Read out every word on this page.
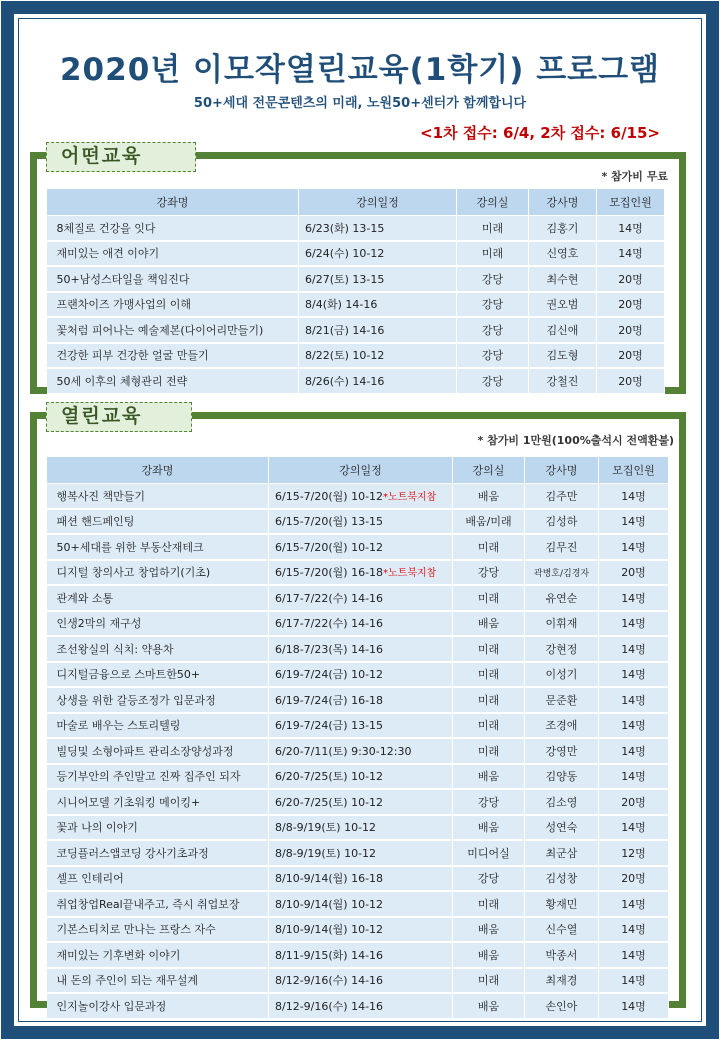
2020년 이모작열린교육(1학기) 프로그램
50+세대 전문콘텐츠의 미래, 노원50+센터가 함께합니다
<1차 접수: 6/4, 2차 접수: 6/15>
어떤교육
* 참가비 무료
강좌명	강의일정	강의실	강사명	모집인원
8체질로 건강을 잇다	6/23(화) 13-15	미래	김홍기	14명
재미있는 애견 이야기	6/24(수) 10-12	미래	신영호	14명
50+남성스타일을 책임진다	6/27(토) 13-15	강당	최수현	20명
프랜차이즈 가맹사업의 이해	8/4(화) 14-16	강당	권오범	20명
꽃처럼 피어나는 예술제본(다이어리만들기)	8/21(금) 14-16	강당	김신애	20명
건강한 피부 건강한 얼굴 만들기	8/22(토) 10-12	강당	김도형	20명
50세 이후의 체형관리 전략	8/26(수) 14-16	강당	강철진	20명
열린교육
* 참가비 1만원(100%출석시 전액환불)
강좌명	강의일정	강의실	강사명	모집인원
행복사진 책만들기	6/15-7/20(월) 10-12*노트북지참	배움	김주만	14명
패션 핸드페인팅	6/15-7/20(월) 13-15	배움/미래	김성하	14명
50+세대를 위한 부동산재테크	6/15-7/20(월) 10-12	미래	김무진	14명
디지털 창의사고 창업하기(기초)	6/15-7/20(월) 16-18*노트북지참	강당	곽병호/김경자	20명
관계와 소통	6/17-7/22(수) 14-16	미래	유연순	14명
인생2막의 재구성	6/17-7/22(수) 14-16	배움	이휘재	14명
조선왕실의 식치: 약용차	6/18-7/23(목) 14-16	미래	강현정	14명
디지털금융으로 스마트한50+	6/19-7/24(금) 10-12	미래	이성기	14명
상생을 위한 갈등조정가 입문과정	6/19-7/24(금) 16-18	미래	문준환	14명
마술로 배우는 스토리텔링	6/19-7/24(금) 13-15	미래	조경애	14명
빌딩및 소형아파트 관리소장양성과정	6/20-7/11(토) 9:30-12:30	미래	강영만	14명
등기부안의 주인말고 진짜 집주인 되자	6/20-7/25(토) 10-12	배움	김양동	14명
시니어모델 기초워킹 메이킹+	6/20-7/25(토) 10-12	강당	김소영	20명
꽃과 나의 이야기	8/8-9/19(토) 10-12	배움	성연숙	14명
코딩플러스앱코딩 강사기초과정	8/8-9/19(토) 10-12	미디어실	최군삼	12명
셀프 인테리어	8/10-9/14(월) 16-18	강당	김성창	20명
취업창업Real끝내주고, 즉시 취업보장	8/10-9/14(월) 10-12	미래	황재민	14명
기본스티치로 만나는 프랑스 자수	8/10-9/14(월) 10-12	배움	신수열	14명
재미있는 기후변화 이야기	8/11-9/15(화) 14-16	배움	박종서	14명
내 돈의 주인이 되는 재무설계	8/12-9/16(수) 14-16	미래	최재경	14명
인지놀이강사 입문과정	8/12-9/16(수) 14-16	배움	손인아	14명
